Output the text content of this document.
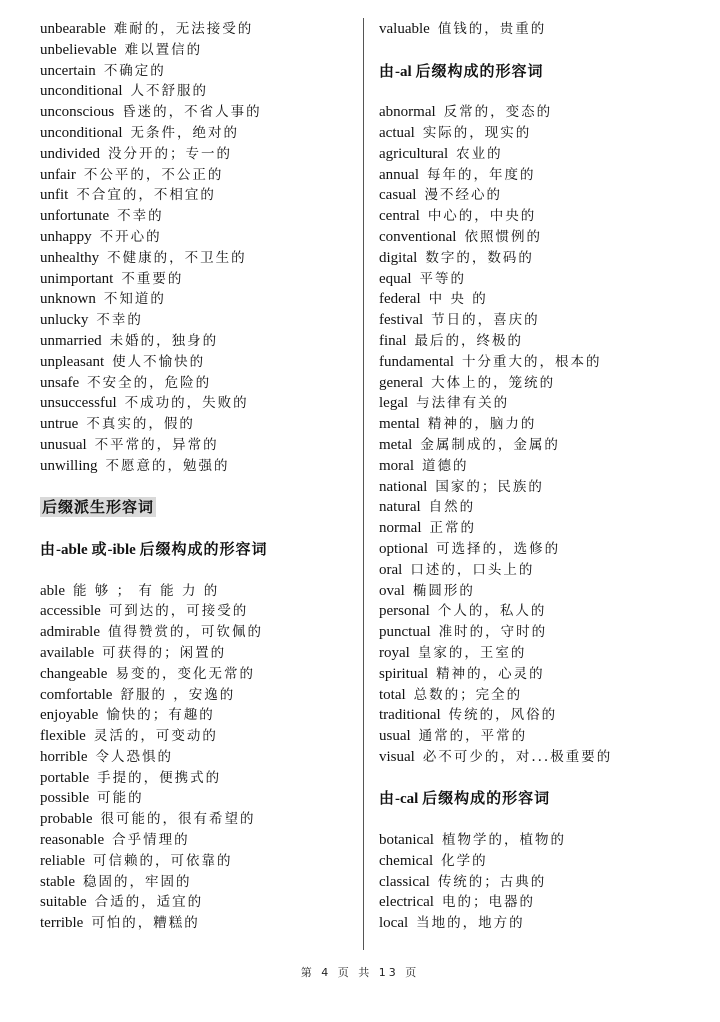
unbearable 难耐的，无法接受的
unbelievable 难以置信的
uncertain 不确定的
unconditional 人不舒服的
unconscious 昏迷的，不省人事的
unconditional 无条件，绝对的
undivided 没分开的；专一的
unfair 不公平的，不公正的
unfit 不合宜的，不相宜的
unfortunate 不幸的
unhappy 不开心的
unhealthy 不健康的，不卫生的
unimportant 不重要的
unknown 不知道的
unlucky 不幸的
unmarried 未婚的，独身的
unpleasant 使人不愉快的
unsafe 不安全的，危险的
unsuccessful 不成功的，失败的
untrue 不真实的，假的
unusual 不平常的，异常的
unwilling 不愿意的，勉强的
后缀派生形容词
由-able 或-ible 后缀构成的形容词
able 能 够 ； 有 能 力 的
accessible 可到达的，可接受的
admirable 值得赞赏的，可钦佩的
available 可获得的；闲置的
changeable 易变的，变化无常的
comfortable 舒服的 ，安逸的
enjoyable 愉快的；有趣的
flexible 灵活的，可变动的
horrible 令人恐惧的
portable 手提的，便携式的
possible 可能的
probable 很可能的，很有希望的
reasonable 合乎情理的
reliable 可信赖的，可依靠的
stable 稳固的，牢固的
suitable 合适的，适宜的
terrible 可怕的，糟糕的
valuable 值钱的，贵重的
由-al 后缀构成的形容词
abnormal 反常的，变态的
actual 实际的，现实的
agricultural 农业的
annual 每年的，年度的
casual 漫不经心的
central 中心的，中央的
conventional 依照惯例的
digital 数字的，数码的
equal 平等的
federal 中 央 的
festival 节日的，喜庆的
final 最后的，终极的
fundamental 十分重大的，根本的
general 大体上的，笼统的
legal 与法律有关的
mental 精神的，脑力的
metal 金属制成的，金属的
moral 道德的
national 国家的；民族的
natural 自然的
normal 正常的
optional 可选择的，选修的
oral 口述的，口头上的
oval 椭圆形的
personal 个人的，私人的
punctual 准时的，守时的
royal 皇家的，王室的
spiritual 精神的，心灵的
total 总数的；完全的
traditional 传统的，风俗的
usual 通常的，平常的
visual 必不可少的，对...极重要的
由-cal 后缀构成的形容词
botanical 植物学的，植物的
chemical 化学的
classical 传统的；古典的
electrical 电的；电器的
local 当地的，地方的
第 4 页 共 13 页
